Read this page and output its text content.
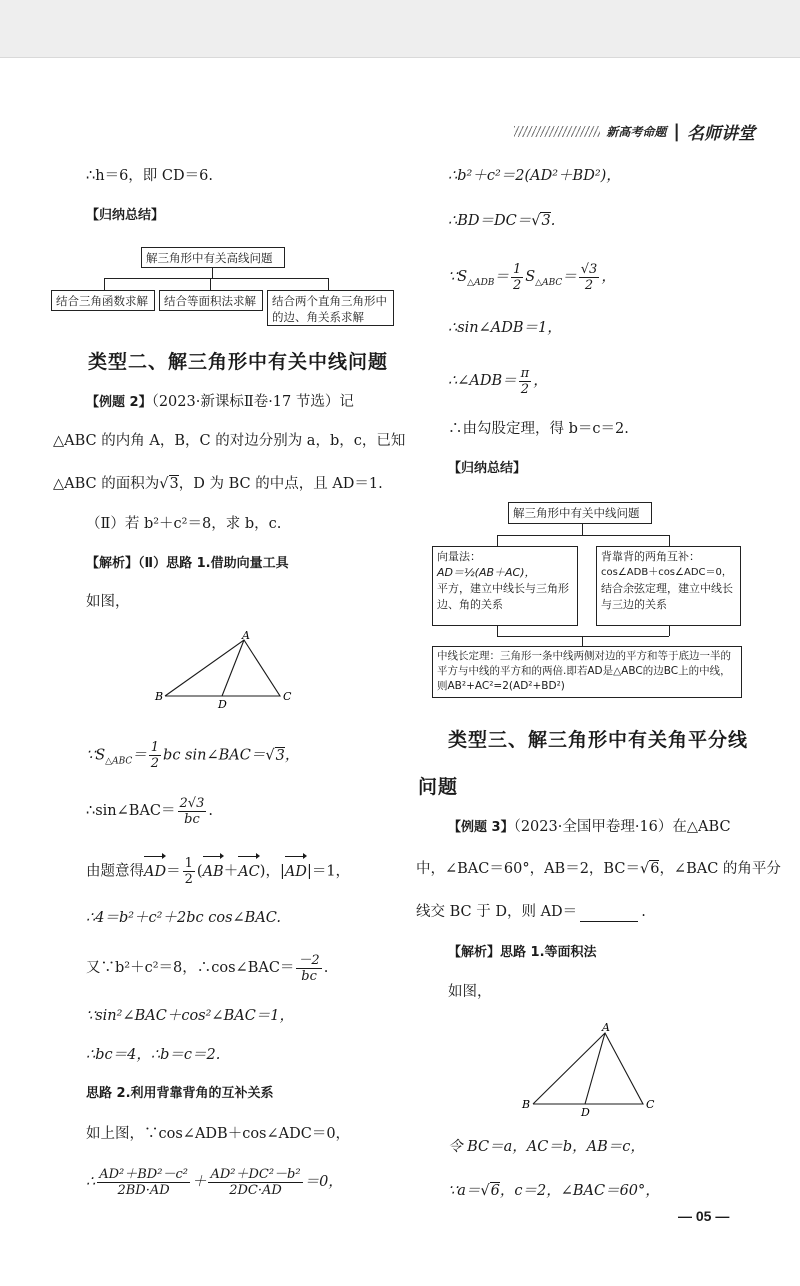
新高考命题 | 名师讲堂
∴h＝6，即 CD＝6.
【归纳总结】
解三角形中有关高线问题
结合三角函数求解	结合等面积法求解	结合两个直角三角形中的边、角关系求解
类型二、解三角形中有关中线问题
【例题 2】（2023·新课标Ⅱ卷·17 节选）记
△ABC 的内角 A，B，C 的对边分别为 a，b，c，已知
△ABC 的面积为√3，D 为 BC 的中点，且 AD＝1.
（Ⅱ）若 b²＋c²＝8，求 b，c.
【解析】（Ⅱ）思路 1.借助向量工具
如图，
A
B	C
D
$\because S_{\triangle ABC}= \frac{1}{2}$ bc sin∠BAC＝√3，
∴sin∠BAC＝ $\frac{2√3}{bc}$ .
由题意得$AD= \frac{1}{2} (AB+AC)$，|AD|＝1，
∴4＝b²＋c²＋2bc cos∠BAC.
又∵b²＋c²＝8，∴cos∠BAC＝ $\frac{-2}{bc}$ .
∵sin²∠BAC＋cos²∠BAC＝1，
∴bc＝4，∴b＝c＝2.
思路 2.利用背靠背角的互补关系
如上图，∵cos∠ADB＋cos∠ADC＝0，
∴ $\frac{\text{AD²＋BD²－c²}}{2BD\cdot AD} + \frac{\text{AD²＋DC²－b²}}{2DC\cdot AD} =0$，
∴b²＋c²＝2(AD²＋BD²)，
∴BD＝DC＝√3.
$\because S_{\triangle ADB}= \frac{1}{2} S_{\triangle ABC}= \frac{√3}{2}$ ，
∴sin∠ADB＝1，
∴∠ADB＝ $\frac{\pi}{2}$ ，
∴由勾股定理，得 b＝c＝2.
【归纳总结】
解三角形中有关中线问题
向量法：
AD＝½(AB＋AC)，
平方，建立中线长与三角形边、角的关系
背靠背的两角互补：
cos∠ADB＋cos∠ADC＝0，
结合余弦定理，建立中线长与三边的关系
中线长定理：三角形一条中线两侧对边的平方和等于底边一半的平方与中线的平方和的两倍.即若AD是△ABC的边BC上的中线，则AB²+AC²=2(AD²+BD²)
类型三、解三角形中有关角平分线
问题
【例题 3】（2023·全国甲卷理·16）在△ABC
中，∠BAC＝60°，AB＝2，BC＝√6，∠BAC 的角平分
线交 BC 于 D，则 AD＝	.
【解析】思路 1.等面积法
如图，
A
B	C
D
令 BC＝a，AC＝b，AB＝c，
∵a＝√6，c＝2，∠BAC＝60°，
— 05 —
